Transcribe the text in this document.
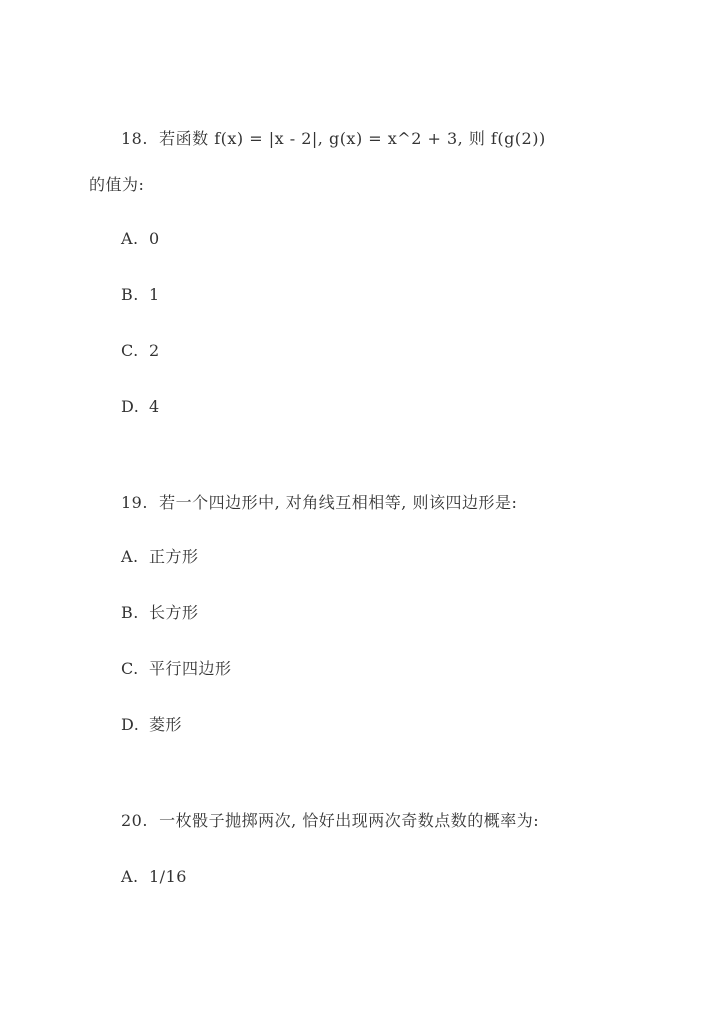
18.  若函数 f(x) = |x - 2|, g(x) = x^2 + 3, 则 f(g(2))
的值为:
A. 0
B. 1
C. 2
D. 4
19.  若一个四边形中, 对角线互相相等, 则该四边形是:
A. 正方形
B. 长方形
C. 平行四边形
D. 菱形
20.  一枚骰子抛掷两次, 恰好出现两次奇数点数的概率为:
A. 1/16
